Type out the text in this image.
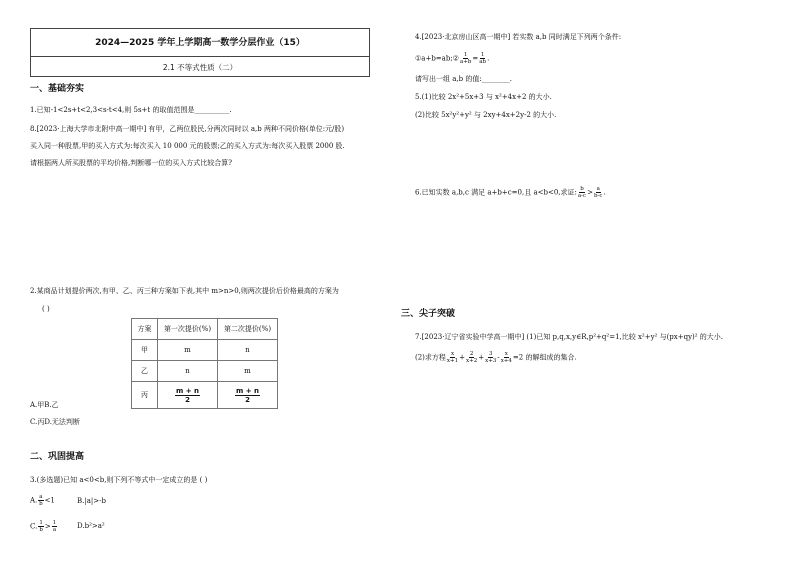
2024—2025 学年上学期高一数学分层作业（15）
2.1 不等式性质（二）
一、基础夯实
1.已知-1<2s+t<2,3<s-t<4,则 5s+t 的取值范围是__________.
8.[2023·上海大学市北附中高一期中] 有甲，乙两位股民,分两次同时以 a,b 两种不同价格(单位:元/股)
买入同一种股票,甲的买入方式为:每次买入 10 000 元的股票;乙的买入方式为:每次买入股票 2000 股.
请根据两人所买股票的平均价格,判断哪一位的买入方式比较合算?
2.某商品计划提价两次,有甲、乙、丙三种方案如下表,其中 m>n>0,则两次提价后价格最高的方案为
( )
方案	第一次提价(%)	第二次提价(%)
甲	m	n
乙	n	m
丙	$\frac{m + n}{2}$	$\frac{m + n}{2}$
A.甲B.乙
C.丙D.无法判断
二、巩固提高
3.(多选题)已知 a<0<b,则下列不等式中一定成立的是 ( )
A. $\frac{a}{b} <1$	B.|a|>-b
C. $\frac{1}{b} > \frac{1}{a}$	D.b²>a²
4.[2023·北京房山区高一期中] 若实数 a,b 同时满足下列两个条件:
①a+b=ab;② $\frac{1}{a+b} = \frac{1}{ab}$ .
请写出一组 a,b 的值:________.
5.(1)比较 2x²+5x+3 与 x²+4x+2 的大小.
(2)比较 5x²y²+y² 与 2xy+4x+2y-2 的大小.
6.已知实数 a,b,c 满足 a+b+c=0,且 a<b<0,求证: $\frac{b}{a-c} > \frac{a}{b-c}$ .
三、尖子突破
7.[2023·辽宁省实验中学高一期中] (1)已知 p,q,x,y∈R,p²+q²=1,比较 x²+y² 与(px+qy)² 的大小.
(2)求方程 $\frac{x}{x+1} + \frac{2}{x+2} + \frac{3}{x+3} - \frac{x}{x+4} =2$ 的解组成的集合.
